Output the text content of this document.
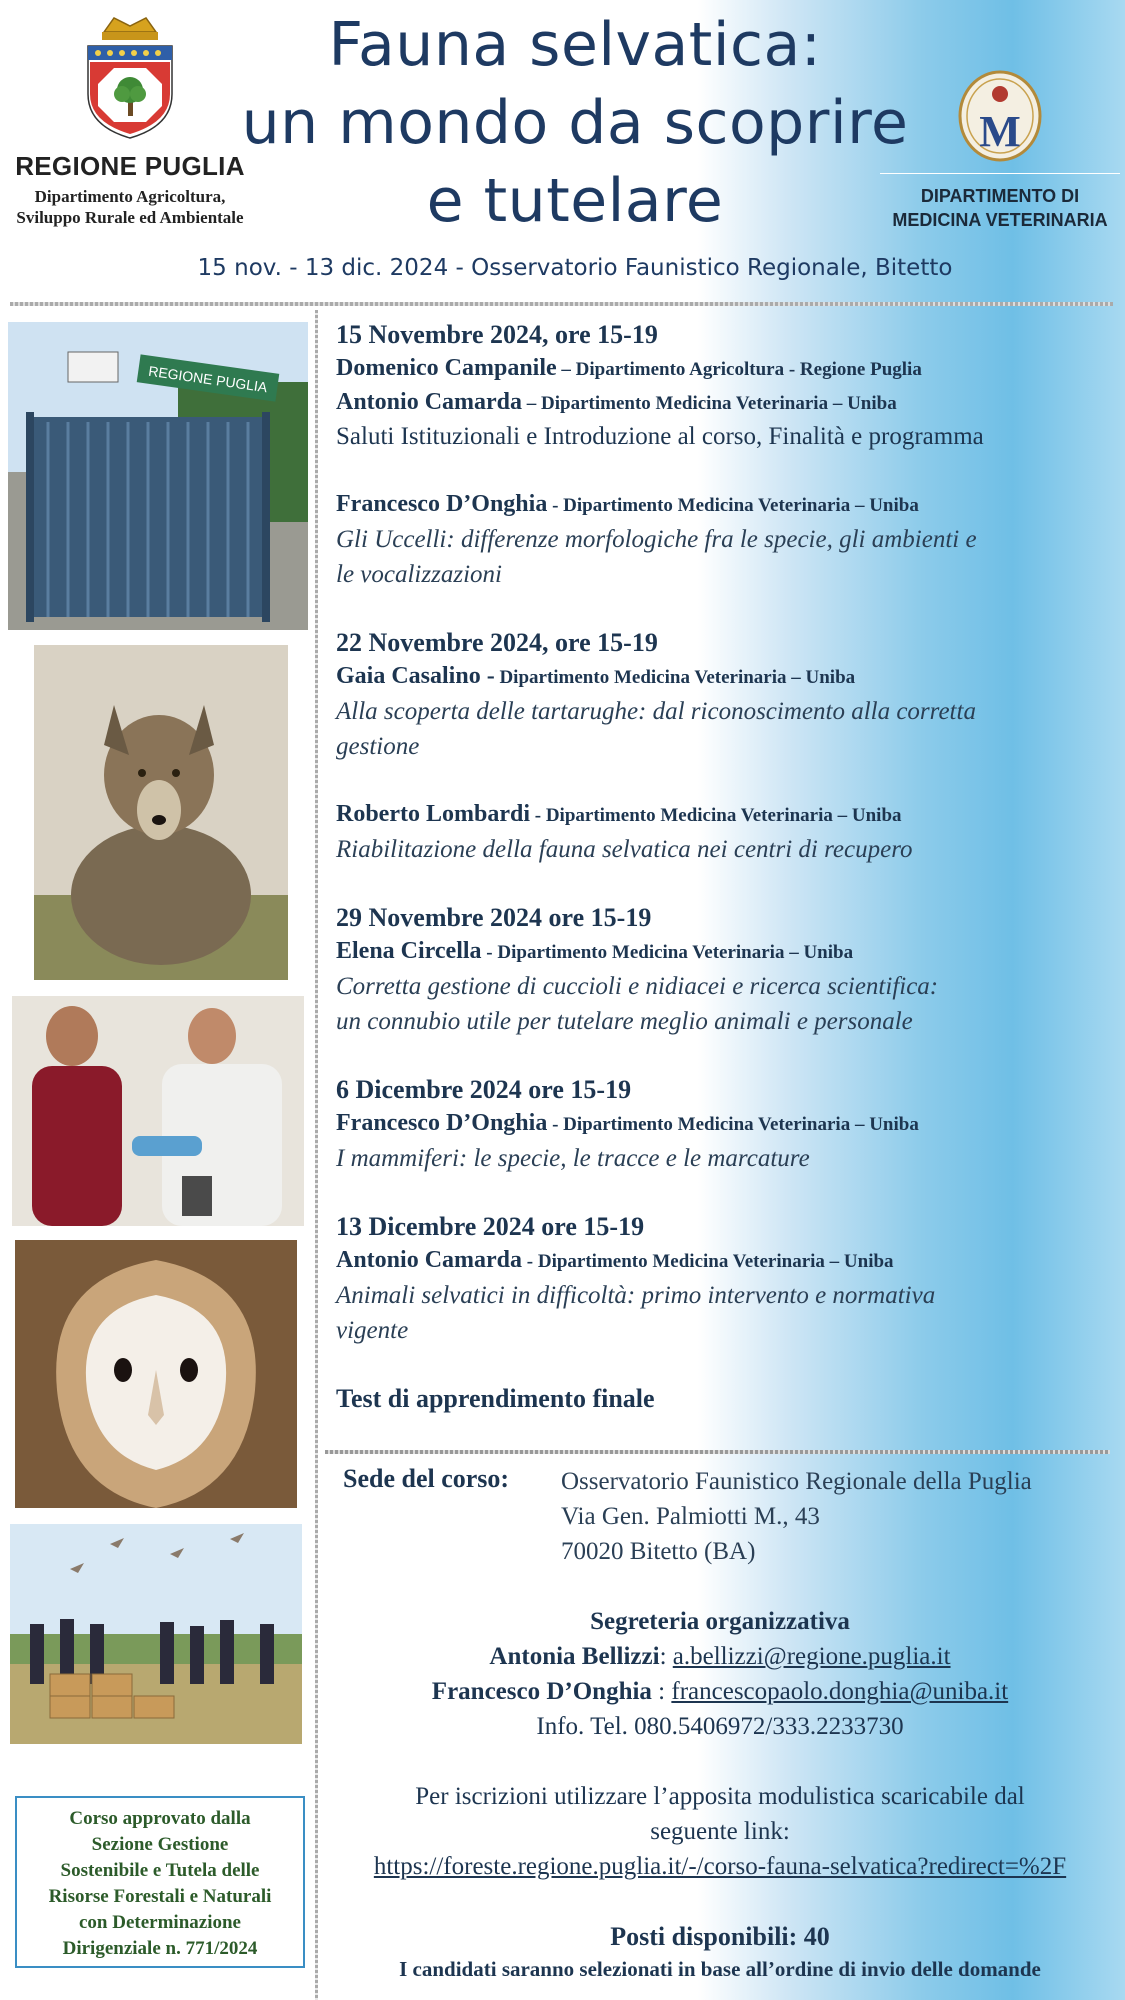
REGIONE PUGLIA
Dipartimento Agricoltura,
Sviluppo Rurale ed Ambientale
Fauna selvatica:
un mondo da scoprire
e tutelare
M
DIPARTIMENTO DI
MEDICINA VETERINARIA
15 nov. - 13 dic. 2024 - Osservatorio Faunistico Regionale, Bitetto
REGIONE PUGLIA
15 Novembre 2024, ore 15-19
Domenico Campanile – Dipartimento Agricoltura - Regione Puglia
Antonio Camarda – Dipartimento Medicina Veterinaria – Uniba
Saluti Istituzionali e Introduzione al corso, Finalità e programma
Francesco D’Onghia - Dipartimento Medicina Veterinaria – Uniba
Gli Uccelli: differenze morfologiche fra le specie, gli ambienti e
le vocalizzazioni
22 Novembre 2024, ore 15-19
Gaia Casalino - Dipartimento Medicina Veterinaria – Uniba
Alla scoperta delle tartarughe: dal riconoscimento alla corretta
gestione
Roberto Lombardi - Dipartimento Medicina Veterinaria – Uniba
Riabilitazione della fauna selvatica nei centri di recupero
29 Novembre 2024 ore 15-19
Elena Circella - Dipartimento Medicina Veterinaria – Uniba
Corretta gestione di cuccioli e nidiacei e ricerca scientifica:
un connubio utile per tutelare meglio animali e personale
6 Dicembre 2024 ore 15-19
Francesco D’Onghia - Dipartimento Medicina Veterinaria – Uniba
I mammiferi: le specie, le tracce e le marcature
13 Dicembre 2024 ore 15-19
Antonio Camarda - Dipartimento Medicina Veterinaria – Uniba
Animali selvatici in difficoltà: primo intervento e normativa
vigente
Test di apprendimento finale
Sede del corso: Osservatorio Faunistico Regionale della Puglia
Via Gen. Palmiotti M., 43
70020 Bitetto (BA)
Segreteria organizzativa
Antonia Bellizzi: a.bellizzi@regione.puglia.it
Francesco D’Onghia : francescopaolo.donghia@uniba.it
Info. Tel. 080.5406972/333.2233730
Per iscrizioni utilizzare l’apposita modulistica scaricabile dal
seguente link:
https://foreste.regione.puglia.it/-/corso-fauna-selvatica?redirect=%2F
Posti disponibili: 40
I candidati saranno selezionati in base all’ordine di invio delle domande
Corso approvato dalla
Sezione Gestione
Sostenibile e Tutela delle
Risorse Forestali e Naturali
con Determinazione
Dirigenziale n. 771/2024
